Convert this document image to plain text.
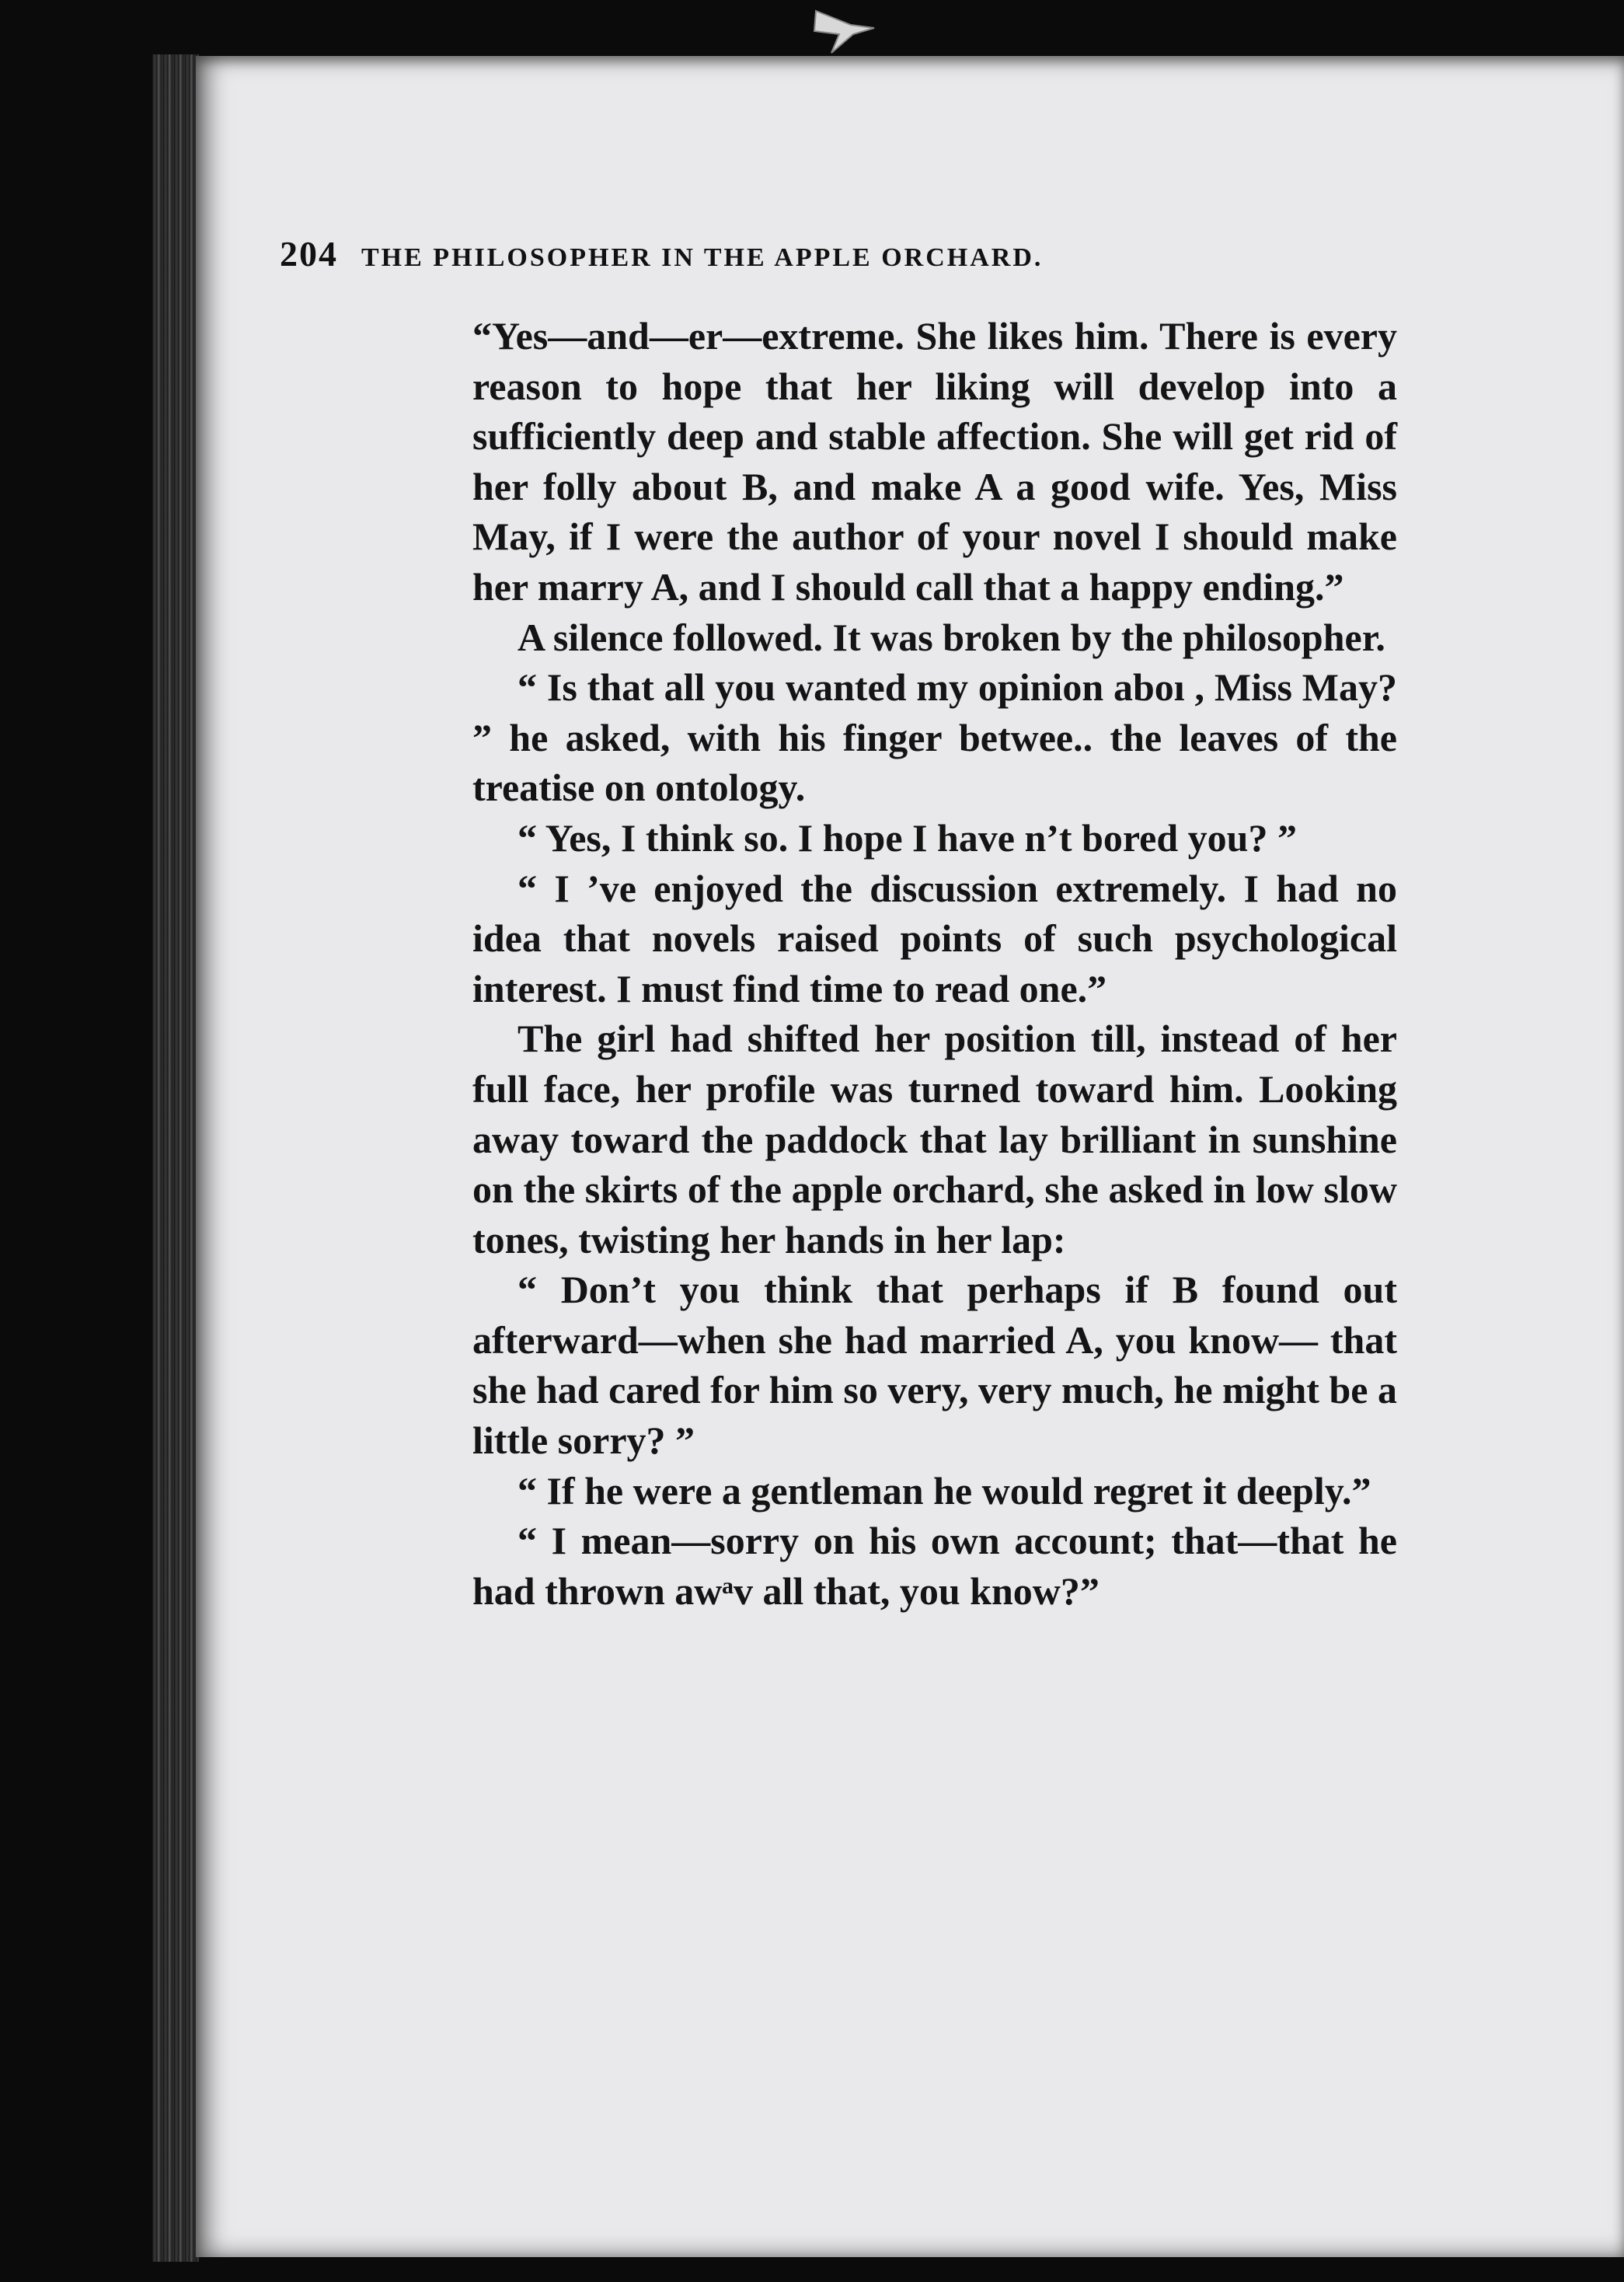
204 THE PHILOSOPHER IN THE APPLE ORCHARD.

“Yes—and—er—extreme. She likes him. There is every reason to hope that her liking will develop into a sufficiently deep and stable affection. She will get rid of her folly about B, and make A a good wife. Yes, Miss May, if I were the author of your novel I should make her marry A, and I should call that a happy ending.”

A silence followed. It was broken by the philosopher.

“ Is that all you wanted my opinion aboı , Miss May? ” he asked, with his finger betwee.. the leaves of the treatise on ontology.

“ Yes, I think so. I hope I have n’t bored you? ”

“ I ’ve enjoyed the discussion extremely. I had no idea that novels raised points of such psychological interest. I must find time to read one.”

The girl had shifted her position till, instead of her full face, her profile was turned toward him. Looking away toward the paddock that lay brilliant in sunshine on the skirts of the apple orchard, she asked in low slow tones, twisting her hands in her lap:

“ Don’t you think that perhaps if B found out afterward—when she had married A, you know— that she had cared for him so very, very much, he might be a little sorry? ”

“ If he were a gentleman he would regret it deeply.”

“ I mean—sorry on his own account; that—that he had thrown awᵃv all that, you know?”
